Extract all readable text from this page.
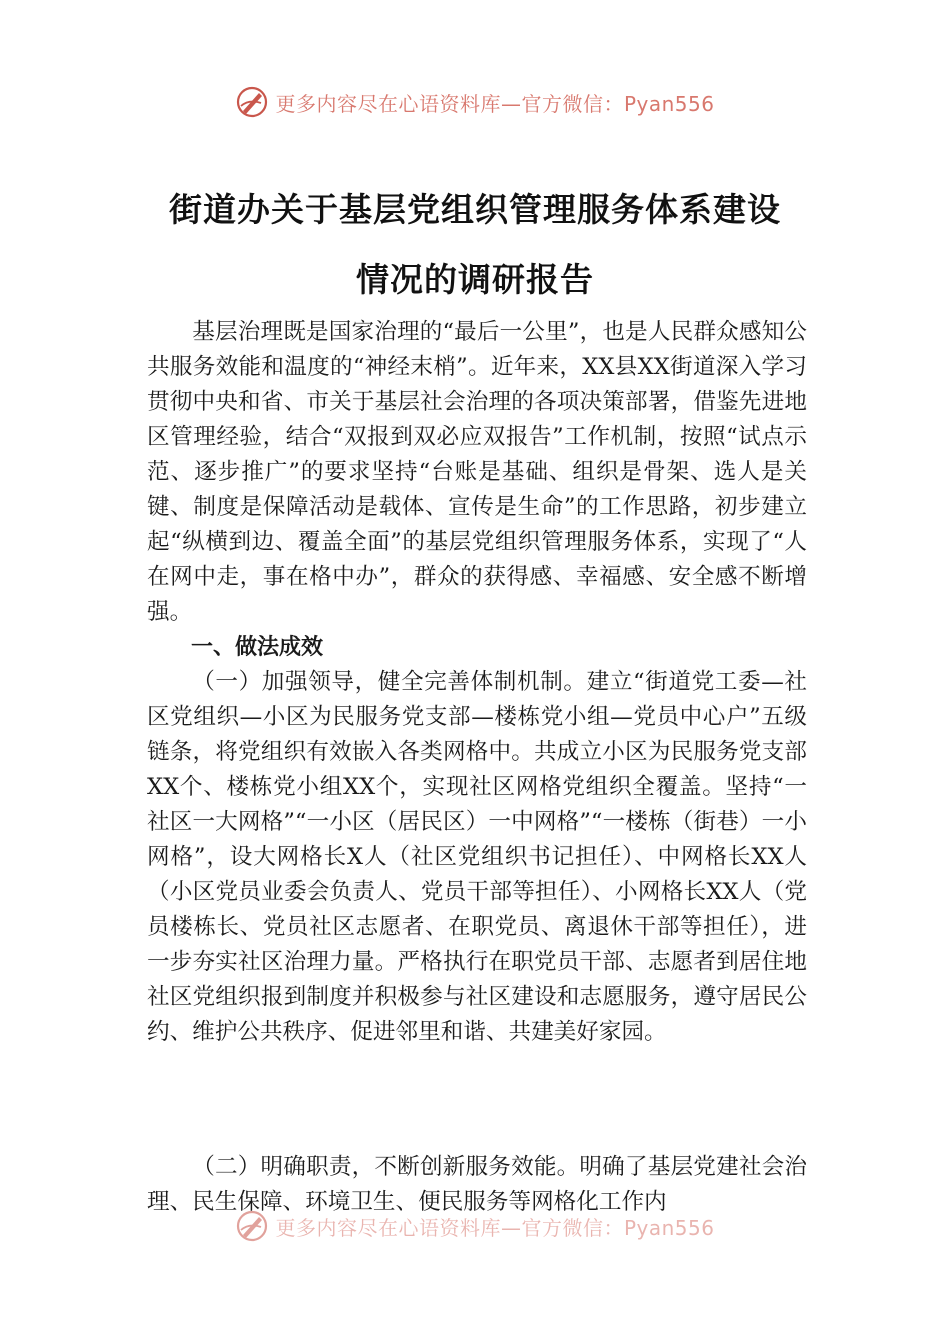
更多内容尽在心语资料库—官方微信：Pyan556
街道办关于基层党组织管理服务体系建设
情况的调研报告

基层治理既是国家治理的“最后一公里”，也是人民群众感知公共服务效能和温度的“神经末梢”。近年来，XX县XX街道深入学习贯彻中央和省、市关于基层社会治理的各项决策部署，借鉴先进地区管理经验，结合“双报到双必应双报告”工作机制，按照“试点示范、逐步推广”的要求坚持“台账是基础、组织是骨架、选人是关键、制度是保障活动是载体、宣传是生命”的工作思路，初步建立起“纵横到边、覆盖全面”的基层党组织管理服务体系，实现了“人在网中走，事在格中办”，群众的获得感、幸福感、安全感不断增强。

一、做法成效

（一）加强领导，健全完善体制机制。建立“街道党工委—社区党组织—小区为民服务党支部—楼栋党小组—党员中心户”五级链条，将党组织有效嵌入各类网格中。共成立小区为民服务党支部XX个、楼栋党小组XX个，实现社区网格党组织全覆盖。坚持“一社区一大网格”“一小区（居民区）一中网格”“一楼栋（街巷）一小网格”，设大网格长X人（社区党组织书记担任）、中网格长XX人（小区党员业委会负责人、党员干部等担任）、小网格长XX人（党员楼栋长、党员社区志愿者、在职党员、离退休干部等担任），进一步夯实社区治理力量。严格执行在职党员干部、志愿者到居住地社区党组织报到制度并积极参与社区建设和志愿服务，遵守居民公约、维护公共秩序、促进邻里和谐、共建美好家园。

（二）明确职责，不断创新服务效能。明确了基层党建社会治理、民生保障、环境卫生、便民服务等网格化工作内

更多内容尽在心语资料库—官方微信：Pyan556
